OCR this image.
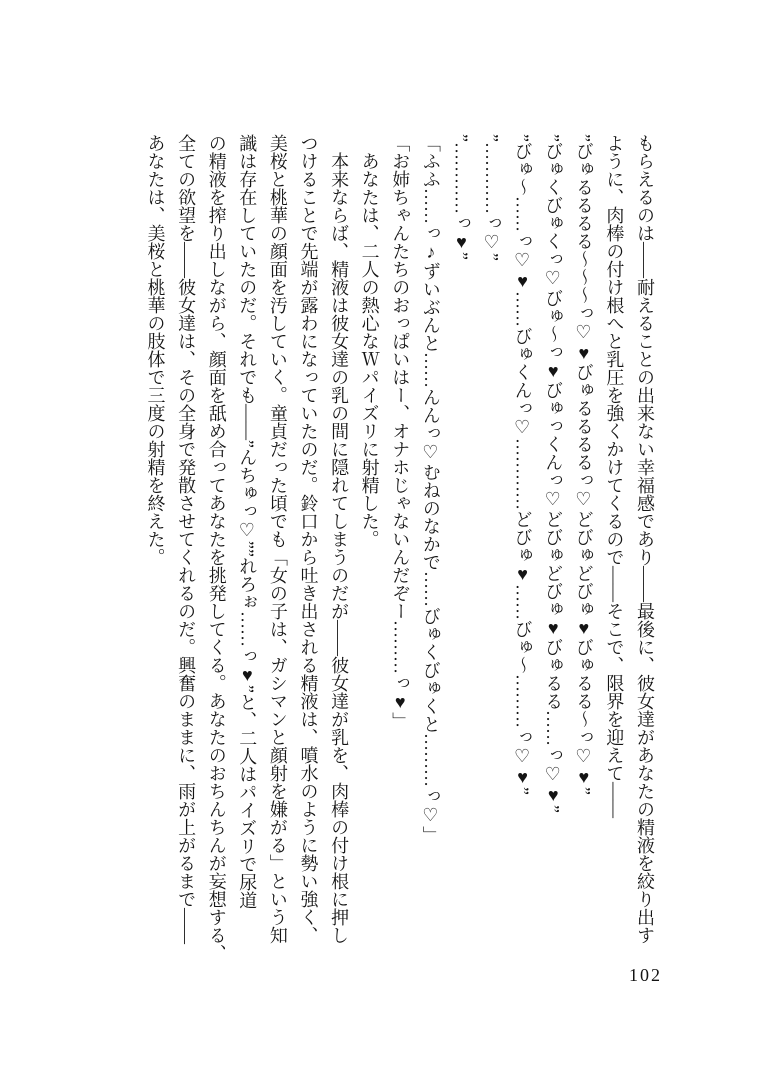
もらえるのは——耐えることの出来ない幸福感であり——最後に、彼女達があなたの精液を絞り出す

ように、肉棒の付け根へと乳圧を強くかけてくるので——そこで、限界を迎えて——

”びゅるるるる～～～っ♡♥びゅるるるるっ♡どびゅどびゅ♥びゅるる～っ♡♥”

”びゅくびゅくっ♡びゅ～っ♥びゅっくんっ♡どびゅどびゅ♥びゅるる……っ♡♥”

”びゅ～……っ♡♥……びゅくんっ♡…………どびゅ♥……びゅ～………っ♡♥”

”…………っ♡”

”…………っ♥”

「ふふ……っ♪ずいぶんと……んんっ♡むねのなかで……びゅくびゅくと………っ♡」

「お姉ちゃんたちのおっぱいはー、オナホじゃないんだぞー………っ♥」

あなたは、二人の熱心なＷパイズリに射精した。

本来ならば、精液は彼女達の乳の間に隠れてしまうのだが——彼女達が乳を、肉棒の付け根に押し

つけることで先端が露わになっていたのだ。鈴口から吐き出される精液は、噴水のように勢い強く、

美桜と桃華の顔面を汚していく。童貞だった頃でも「女の子は、ガシマンと顔射を嫌がる」という知

識は存在していたのだ。それでも——”んちゅっ♡””れろぉ……っ♥”と、二人はパイズリで尿道

の精液を搾り出しながら、顔面を舐め合ってあなたを挑発してくる。あなたのおちんちんが妄想する、

全ての欲望を——彼女達は、その全身で発散させてくれるのだ。興奮のままに、雨が上がるまで——

あなたは、美桜と桃華の肢体で三度の射精を終えた。

102
